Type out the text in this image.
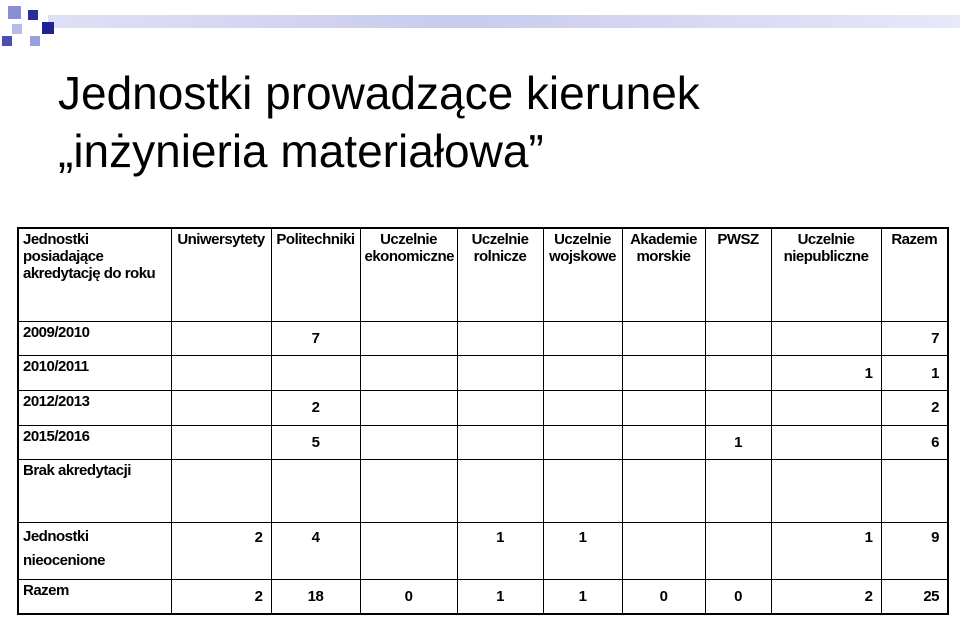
Jednostki prowadzące kierunek
„inżynieria materiałowa”
Jednostki posiadające akredytację do roku	Uniwersytety	Politechniki	Uczelnie ekonomiczne	Uczelnie rolnicze	Uczelnie wojskowe	Akademie morskie	PWSZ	Uczelnie niepubliczne	Razem
2009/2010		7							7
2010/2011								1	1
2012/2013		2							2
2015/2016		5					1		6
Brak akredytacji									
Jednostki nieocenione	2	4		1	1			1	9
Razem	2	18	0	1	1	0	0	2	25
